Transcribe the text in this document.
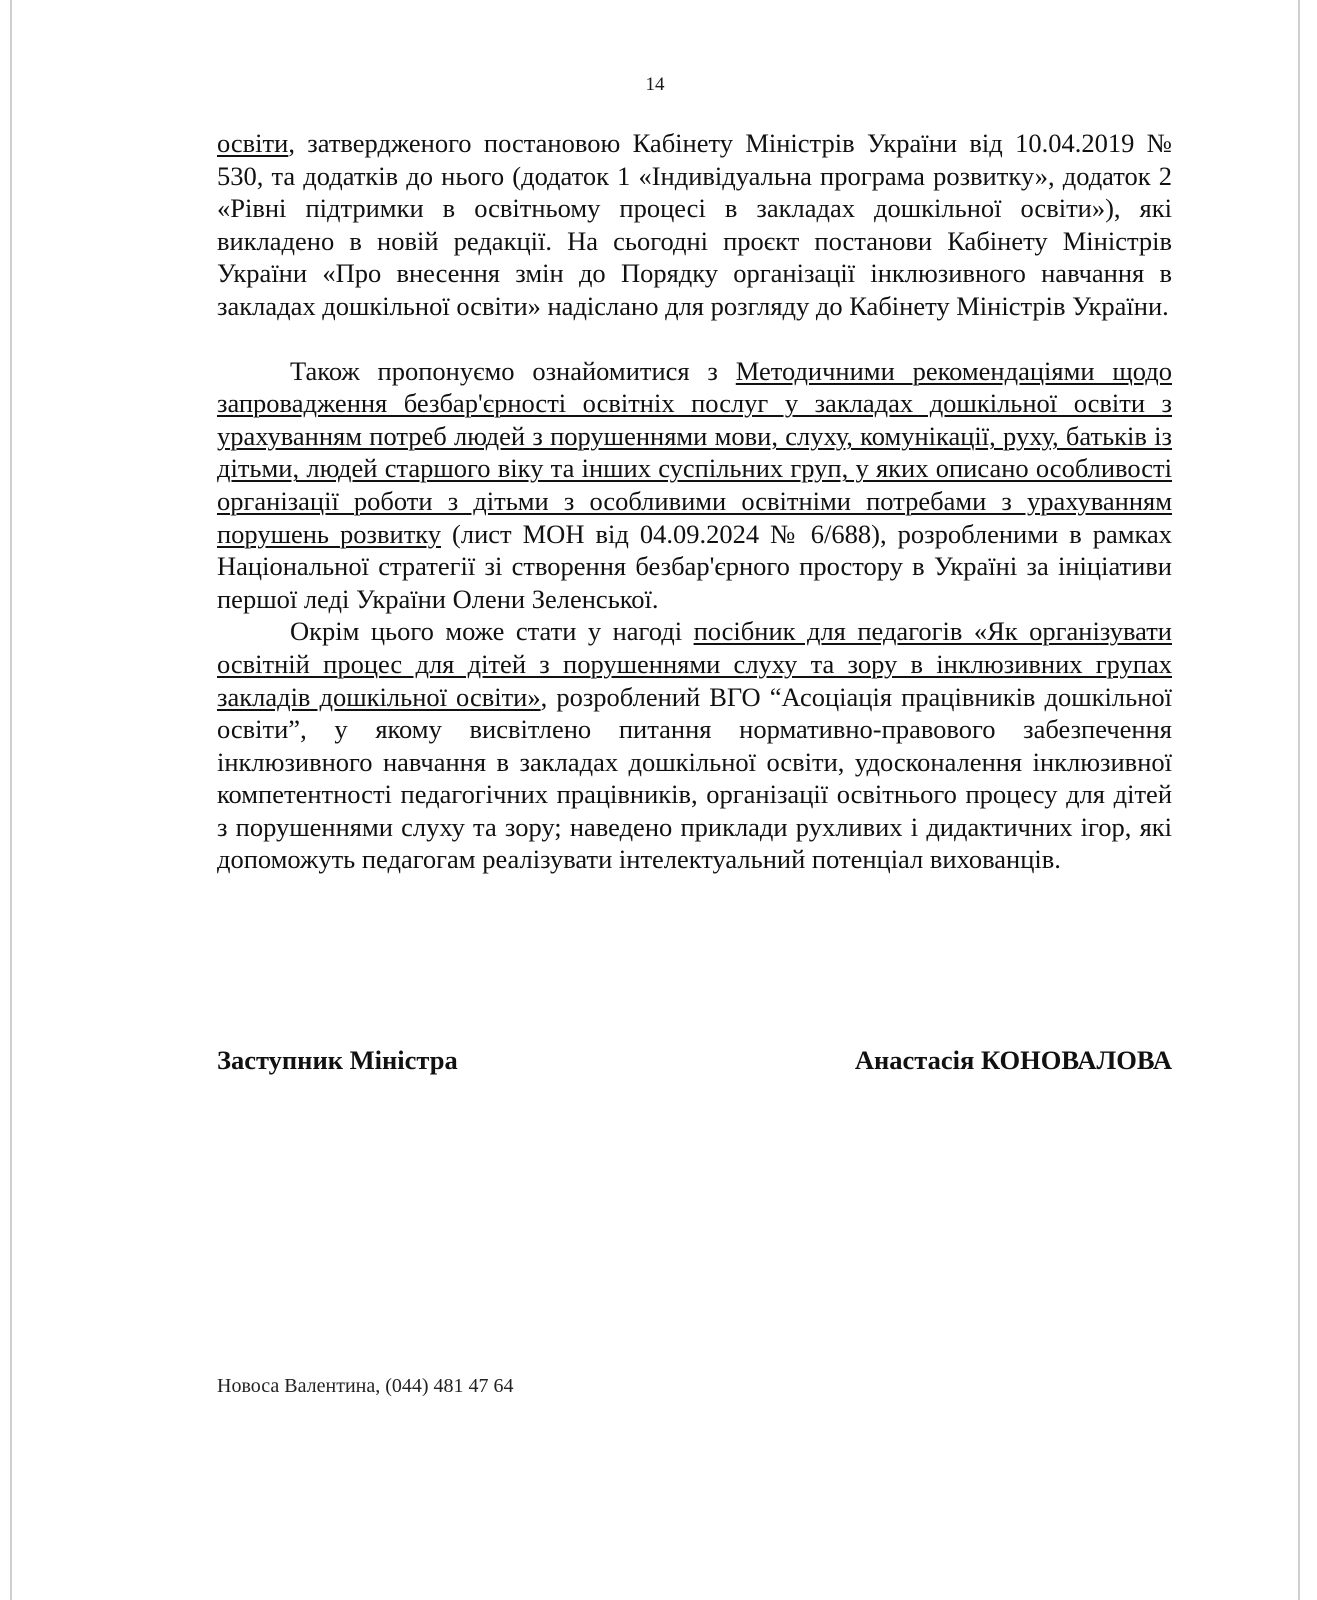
14

освіти, затвердженого постановою Кабінету Міністрів України від 10.04.2019 № 530, та додатків до нього (додаток 1 «Індивідуальна програма розвитку», додаток 2 «Рівні підтримки в освітньому процесі в закладах дошкільної освіти»), які викладено в новій редакції. На сьогодні проєкт постанови Кабінету Міністрів України «Про внесення змін до Порядку організації інклюзивного навчання в закладах дошкільної освіти» надіслано для розгляду до Кабінету Міністрів України.

Також пропонуємо ознайомитися з Методичними рекомендаціями щодо запровадження безбар'єрності освітніх послуг у закладах дошкільної освіти з урахуванням потреб людей з порушеннями мови, слуху, комунікації, руху, батьків із дітьми, людей старшого віку та інших суспільних груп, у яких описано особливості організації роботи з дітьми з особливими освітніми потребами з урахуванням порушень розвитку (лист МОН від 04.09.2024 № 6/688), розробленими в рамках Національної стратегії зі створення безбар'єрного простору в Україні за ініціативи першої леді України Олени Зеленської.

Окрім цього може стати у нагоді посібник для педагогів «Як організувати освітній процес для дітей з порушеннями слуху та зору в інклюзивних групах закладів дошкільної освіти», розроблений ВГО “Асоціація працівників дошкільної освіти”, у якому висвітлено питання нормативно-правового забезпечення інклюзивного навчання в закладах дошкільної освіти, удосконалення інклюзивної компетентності педагогічних працівників, організації освітнього процесу для дітей з порушеннями слуху та зору; наведено приклади рухливих і дидактичних ігор, які допоможуть педагогам реалізувати інтелектуальний потенціал вихованців.

Заступник Міністра	Анастасія КОНОВАЛОВА
Новоса Валентина, (044) 481 47 64
